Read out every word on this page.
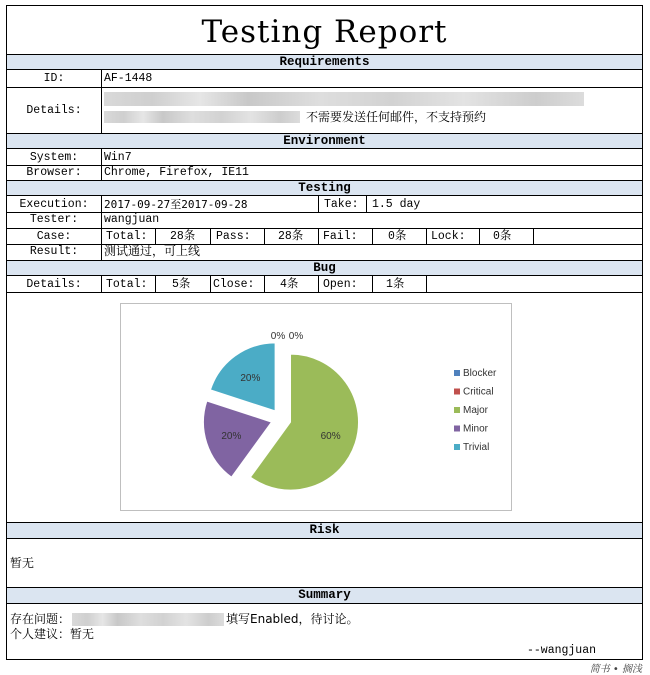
Testing Report
Requirements
ID:	AF-1448
Details:	不需要发送任何邮件，不支持预约
Environment
System:	Win7
Browser:	Chrome, Firefox, IE11
Testing
Execution:	2017-09-27至2017-09-28	Take: 1.5 day
Tester:	wangjuan
Case:	Total: 28条 Pass: 28条 Fail:	0条 Lock: 0条
Result:	测试通过，可上线
Bug
Details:	Total: 5条 Close: 4条 Open: 1条
0% 0%
60%
20%
20%	Blocker
Critical
Major
Minor
Trivial
Risk
暂无
Summary
存在问题：	填写Enabled，待讨论。
个人建议：暂无
--wangjuan
简书 • 搁浅
